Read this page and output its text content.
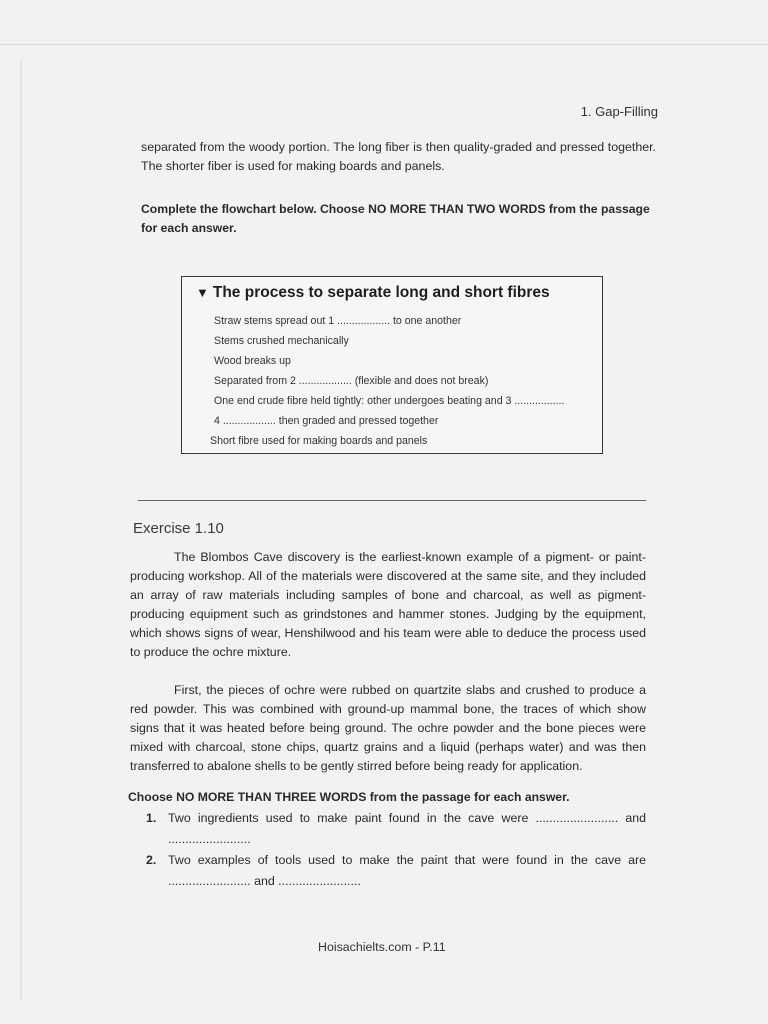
1. Gap-Filling

separated from the woody portion. The long fiber is then quality-graded and pressed together. The shorter fiber is used for making boards and panels.

Complete the flowchart below. Choose NO MORE THAN TWO WORDS from the passage for each answer.
▼ The process to separate long and short fibres
Straw stems spread out 1 .................. to one another
Stems crushed mechanically
Wood breaks up
Separated from 2 .................. (flexible and does not break)
One end crude fibre held tightly: other undergoes beating and 3 .................
4 .................. then graded and pressed together
Short fibre used for making boards and panels
Exercise 1.10

The Blombos Cave discovery is the earliest-known example of a pigment- or paint-producing workshop. All of the materials were discovered at the same site, and they included an array of raw materials including samples of bone and charcoal, as well as pigment-producing equipment such as grindstones and hammer stones. Judging by the equipment, which shows signs of wear, Henshilwood and his team were able to deduce the process used to produce the ochre mixture.

First, the pieces of ochre were rubbed on quartzite slabs and crushed to produce a red powder. This was combined with ground-up mammal bone, the traces of which show signs that it was heated before being ground. The ochre powder and the bone pieces were mixed with charcoal, stone chips, quartz grains and a liquid (perhaps water) and was then transferred to abalone shells to be gently stirred before being ready for application.

Choose NO MORE THAN THREE WORDS from the passage for each answer.
1. Two ingredients used to make paint found in the cave were ........................ and ........................
2. Two examples of tools used to make the paint that were found in the cave are ........................ and ........................
Hoisachielts.com - P.11
